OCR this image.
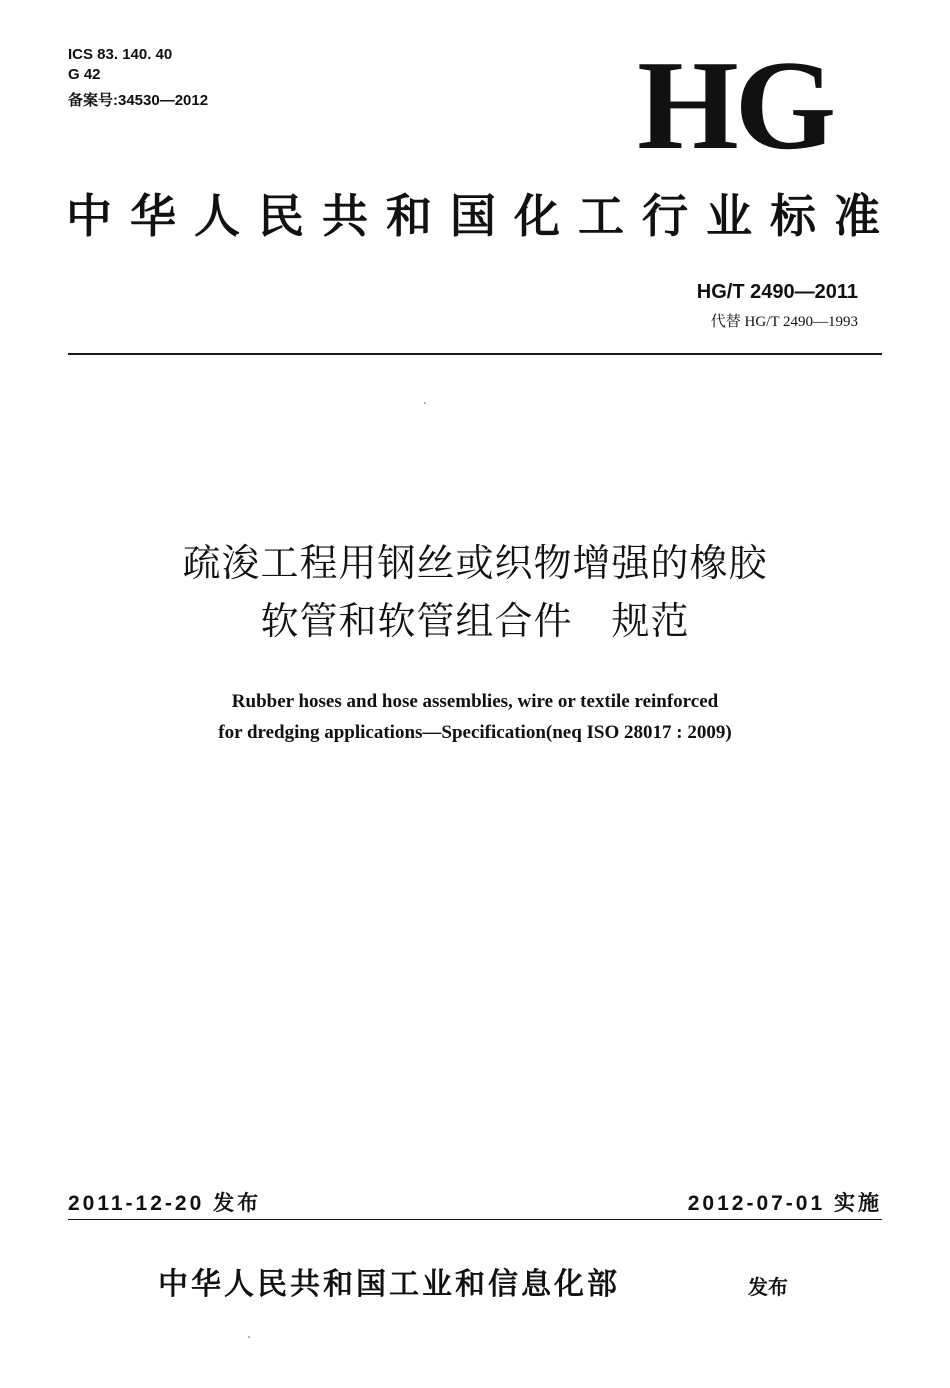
ICS 83. 140. 40
G 42
备案号:34530—2012	HG
中华人民共和国化工行业标准
HG/T 2490—2011
代替 HG/T 2490—1993
疏浚工程用钢丝或织物增强的橡胶
软管和软管组合件　规范
Rubber hoses and hose assemblies, wire or textile reinforced
for dredging applications—Specification(neq ISO 28017 : 2009)
2011-12-20 发布	2012-07-01 实施
中华人民共和国工业和信息化部	发布
